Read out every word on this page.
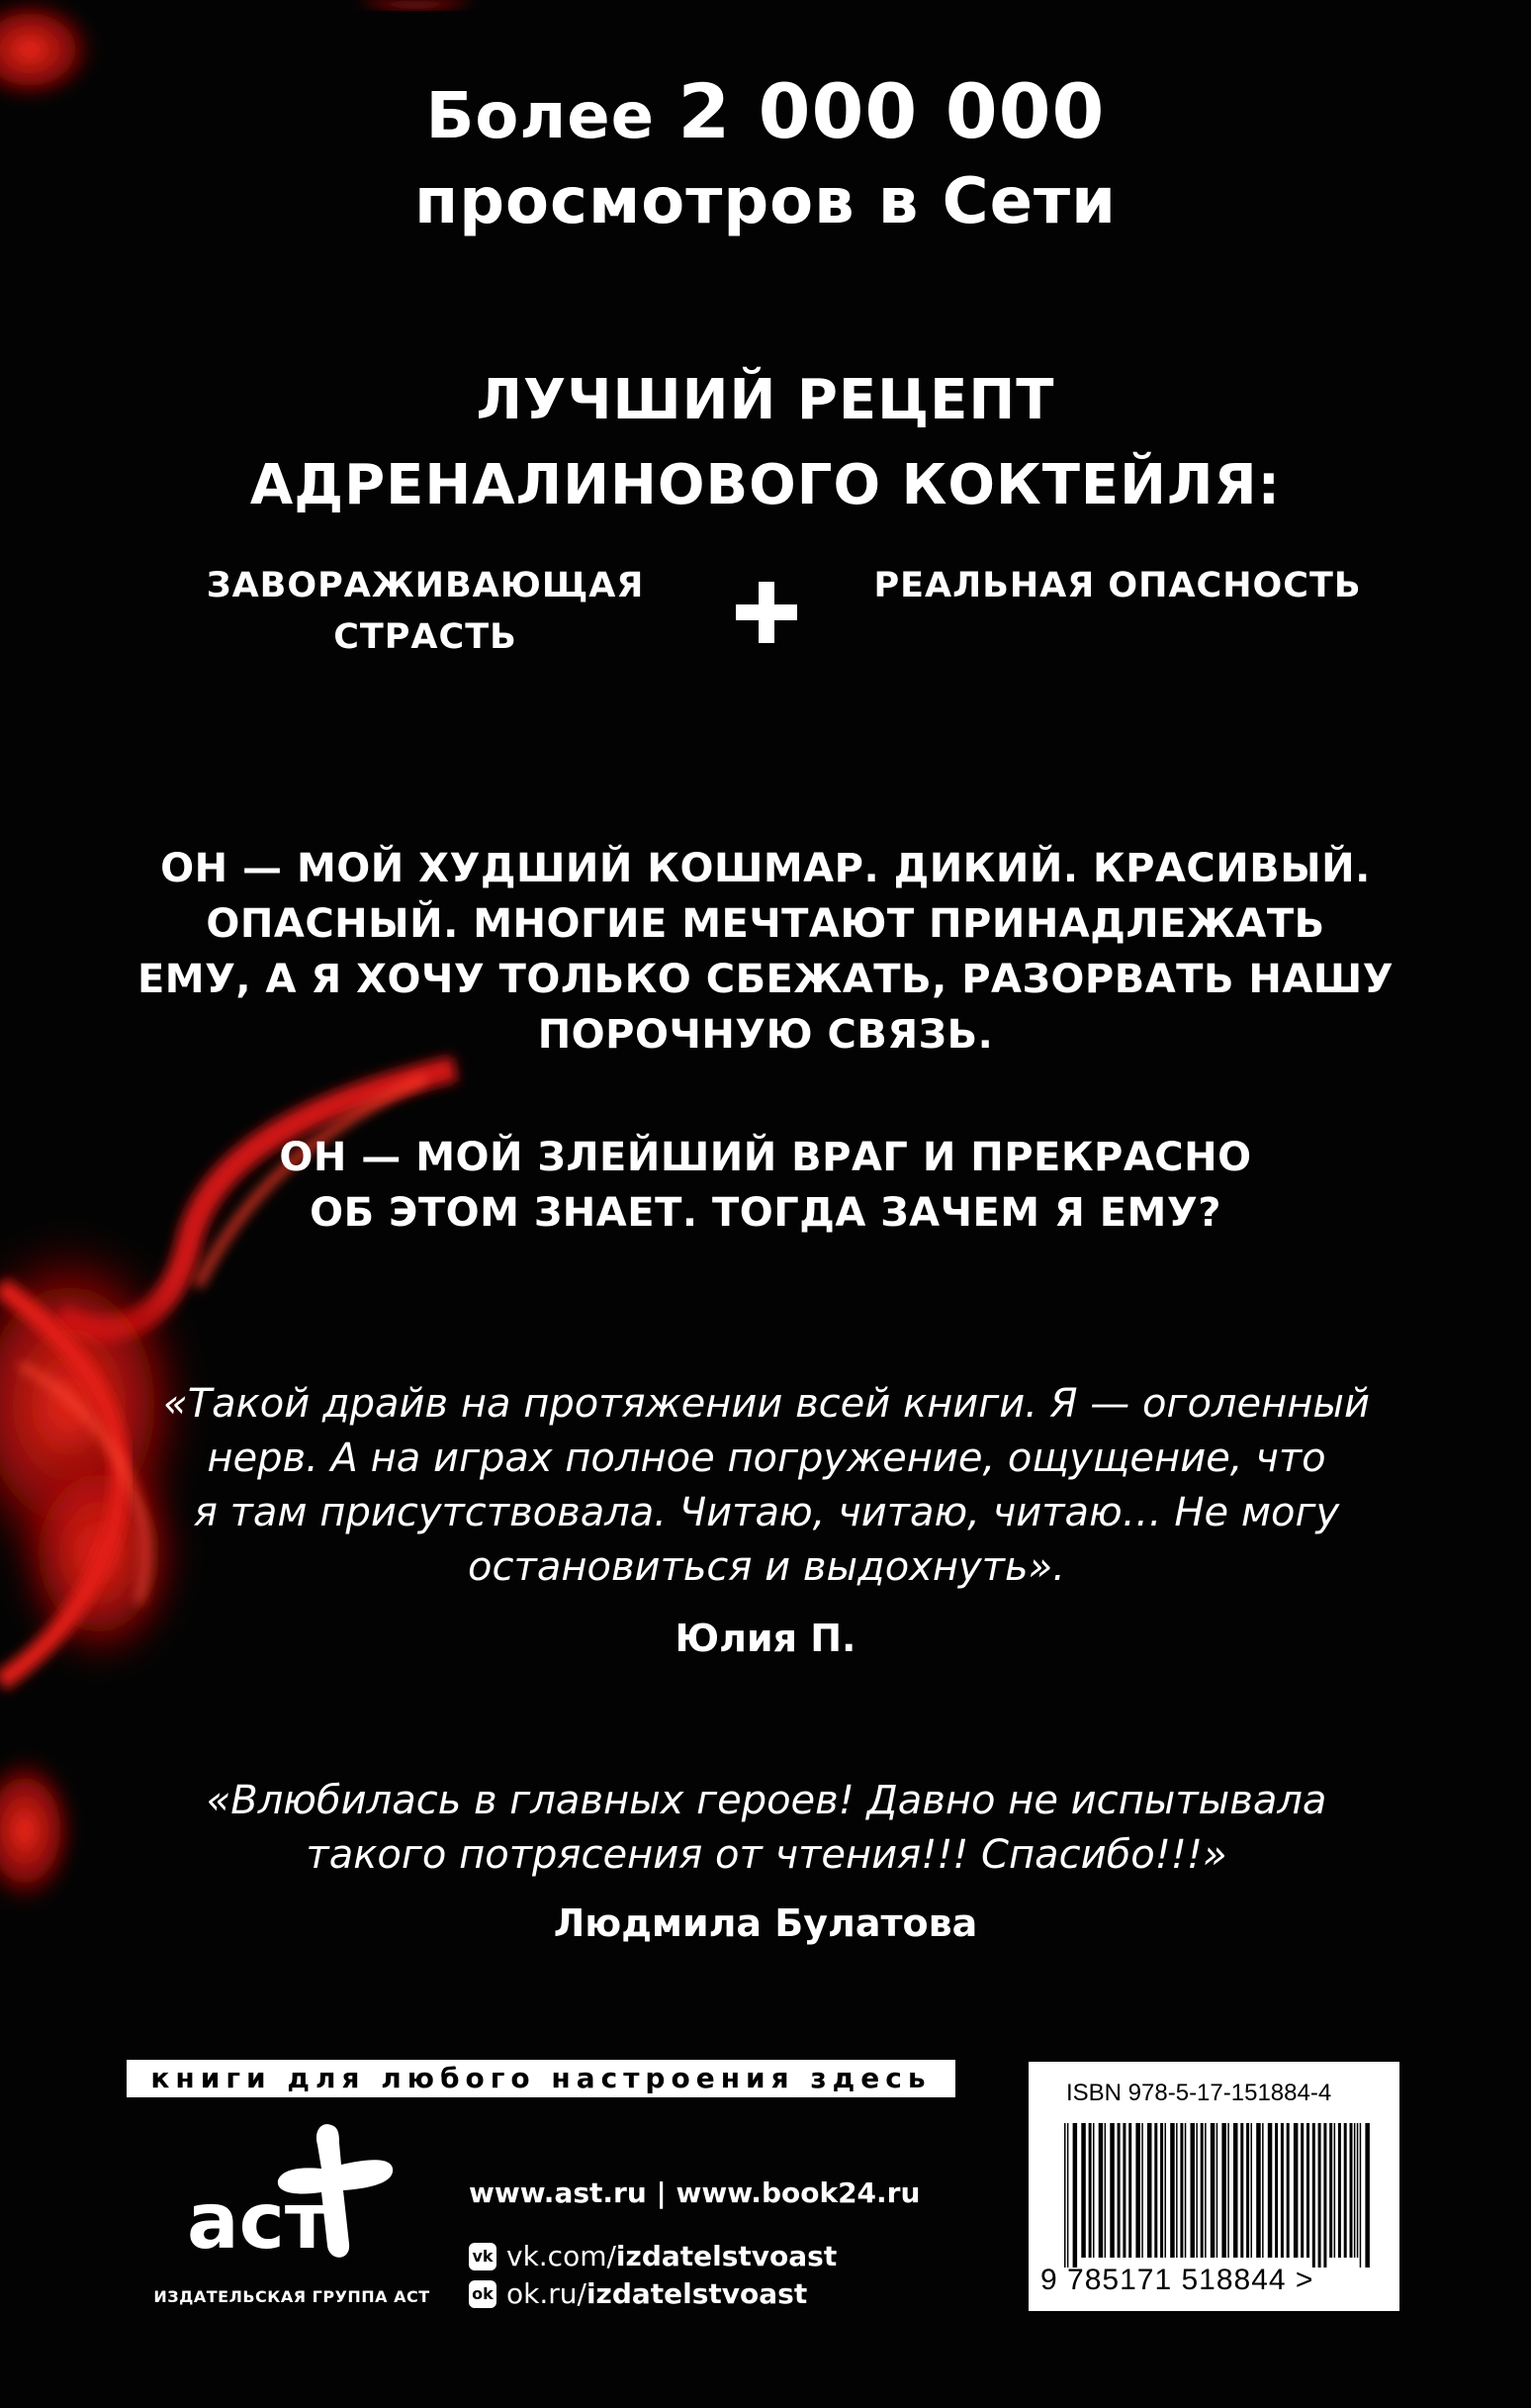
Более 2 000 000
просмотров в Сети
ЛУЧШИЙ РЕЦЕПТ
АДРЕНАЛИНОВОГО КОКТЕЙЛЯ:
ЗАВОРАЖИВАЮЩАЯ
СТРАСТЬ
РЕАЛЬНАЯ ОПАСНОСТЬ
ОН — МОЙ ХУДШИЙ КОШМАР. ДИКИЙ. КРАСИВЫЙ.
ОПАСНЫЙ. МНОГИЕ МЕЧТАЮТ ПРИНАДЛЕЖАТЬ
ЕМУ, А Я ХОЧУ ТОЛЬКО СБЕЖАТЬ, РАЗОРВАТЬ НАШУ
ПОРОЧНУЮ СВЯЗЬ.
ОН — МОЙ ЗЛЕЙШИЙ ВРАГ И ПРЕКРАСНО
ОБ ЭТОМ ЗНАЕТ. ТОГДА ЗАЧЕМ Я ЕМУ?
«Такой драйв на протяжении всей книги. Я — оголенный
нерв. А на играх полное погружение, ощущение, что
я там присутствовала. Читаю, читаю, читаю… Не могу
остановиться и выдохнуть».
Юлия П.
«Влюбилась в главных героев! Давно не испытывала
такого потрясения от чтения!!! Спасибо!!!»
Людмила Булатова
книги для любого настроения здесь
аст
ИЗДАТЕЛЬСКАЯ ГРУППА АСТ
www.ast.ru | www.book24.ru
vk vk.com/izdatelstvoast
ok ok.ru/izdatelstvoast
ISBN 978-5-17-151884-4
9 785171 518844 >
